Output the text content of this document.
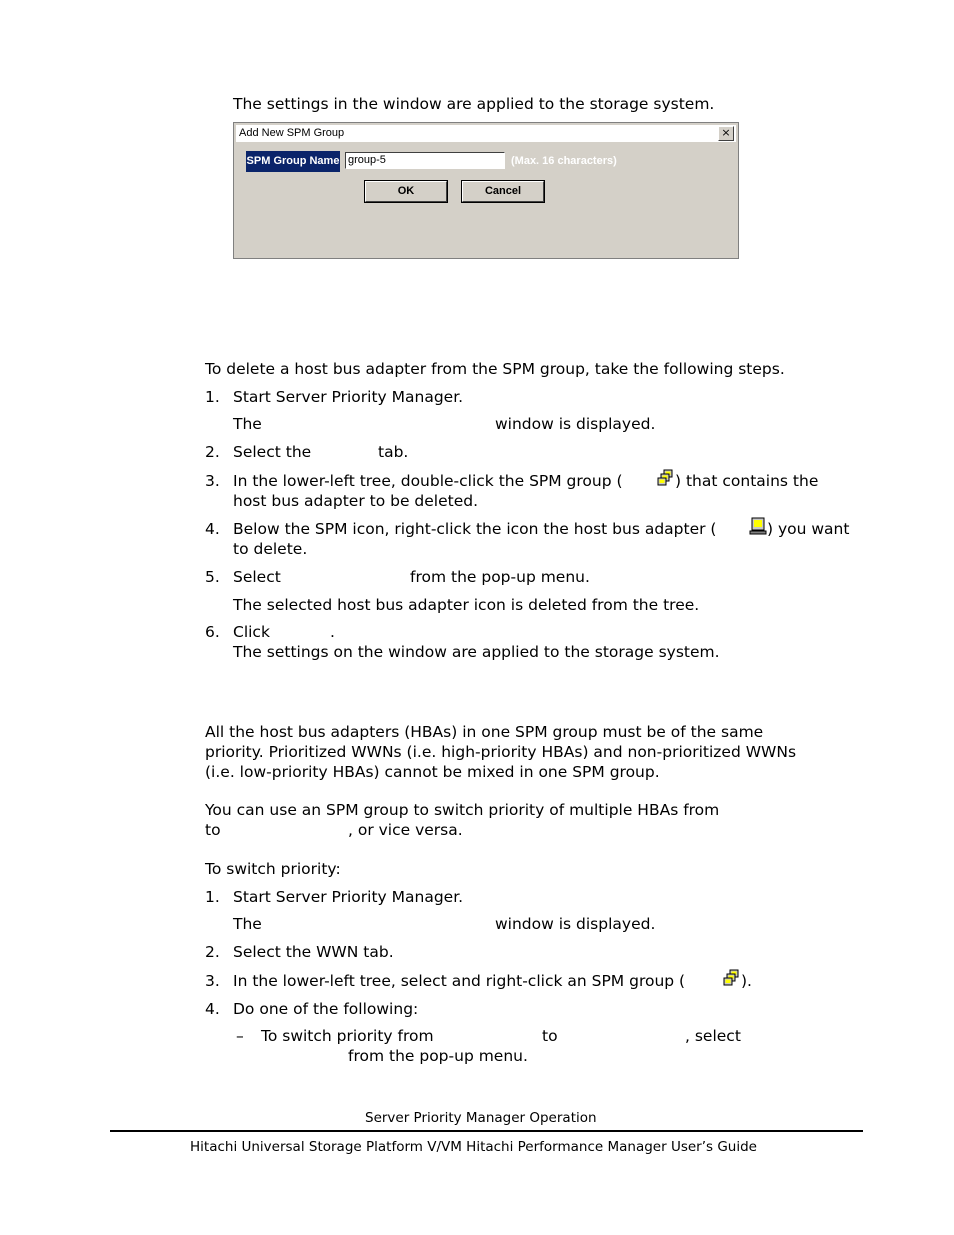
The settings in the window are applied to the storage system.
Add New SPM Group	×
SPM Group Name group-5	(Max. 16 characters)
OK	Cancel
To delete a host bus adapter from the SPM group, take the following steps.
1. Start Server Priority Manager.
The	window is displayed.
2. Select the	tab.
3. In the lower-left tree, double-click the SPM group (	) that contains the
host bus adapter to be deleted.
4. Below the SPM icon, right-click the icon the host bus adapter (	) you want
to delete.
5. Select	from the pop-up menu.
The selected host bus adapter icon is deleted from the tree.
6. Click	.
The settings on the window are applied to the storage system.
All the host bus adapters (HBAs) in one SPM group must be of the same
priority. Prioritized WWNs (i.e. high-priority HBAs) and non-prioritized WWNs
(i.e. low-priority HBAs) cannot be mixed in one SPM group.
You can use an SPM group to switch priority of multiple HBAs from
to	, or vice versa.
To switch priority:
1. Start Server Priority Manager.
The	window is displayed.
2. Select the WWN tab.
3. In the lower-left tree, select and right-click an SPM group (	).
4. Do one of the following:
– To switch priority from	to	, select
from the pop-up menu.
Server Priority Manager Operation
Hitachi Universal Storage Platform V/VM Hitachi Performance Manager User’s Guide
